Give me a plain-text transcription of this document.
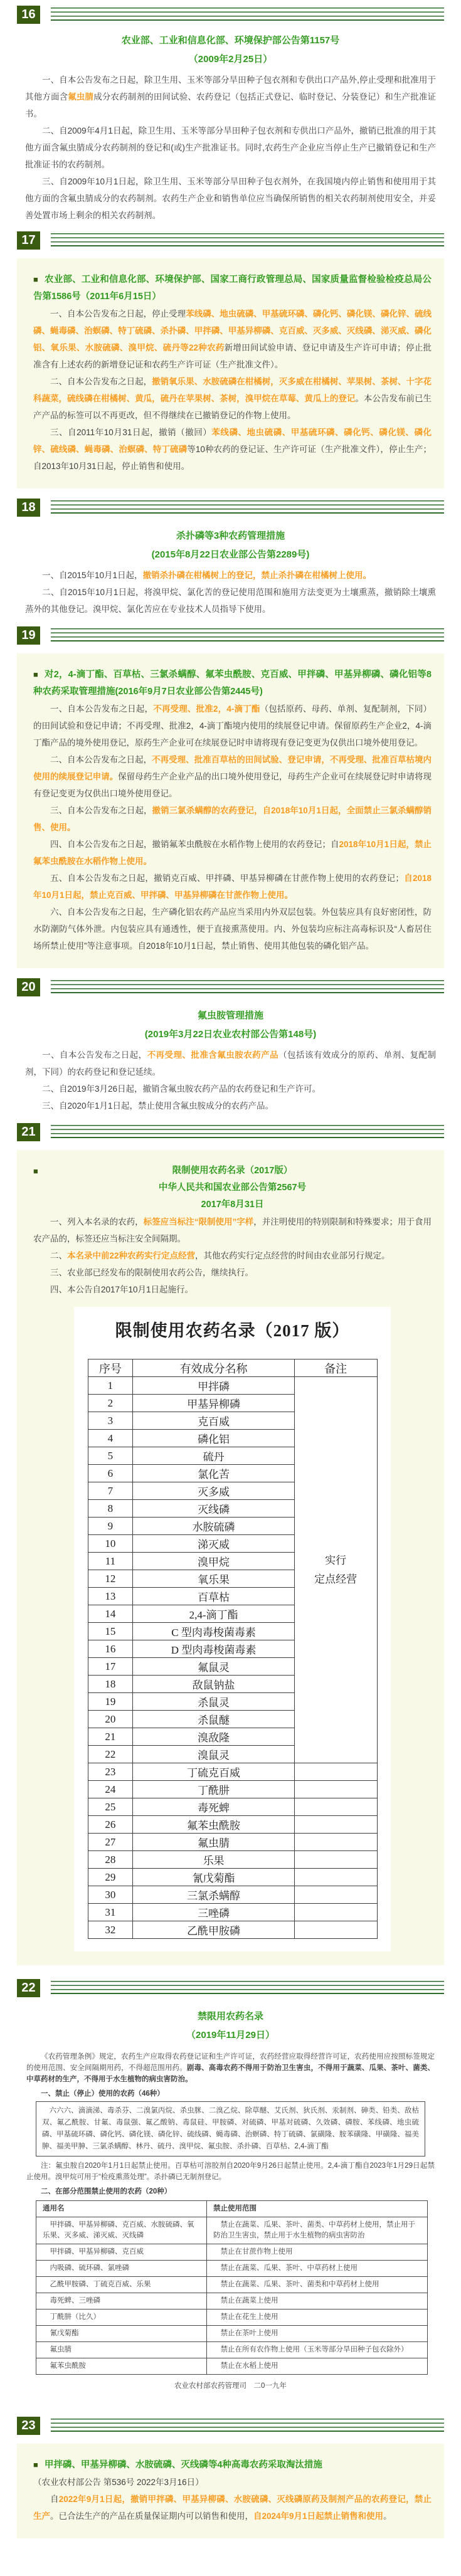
16
农业部、工业和信息化部、环境保护部公告第1157号
（2009年2月25日）

一、自本公告发布之日起，除卫生用、玉米等部分旱田种子包衣剂和专供出口产品外,停止受理和批准用于其他方面含氟虫腈成分农药制剂的田间试验、农药登记（包括正式登记、临时登记、分装登记）和生产批准证书。

二、自2009年4月1日起，除卫生用、玉米等部分旱田种子包衣剂和专供出口产品外，撤销已批准的用于其他方面含氟虫腈成分农药制剂的登记和(或)生产批准证书。同时,农药生产企业应当停止生产已撤销登记和生产批准证书的农药制剂。

三、自2009年10月1日起，除卫生用、玉米等部分旱田种子包衣剂外，在我国境内停止销售和使用用于其他方面的含氟虫腈成分的农药制剂。农药生产企业和销售单位应当确保所销售的相关农药制剂使用安全，并妥善处置市场上剩余的相关农药制剂。

17
■ 农业部、工业和信息化部、环境保护部、国家工商行政管理总局、国家质量监督检验检疫总局公告第1586号（2011年6月15日）

一、自本公告发布之日起，停止受理苯线磷、地虫硫磷、甲基硫环磷、磷化钙、磷化镁、磷化锌、硫线磷、蝇毒磷、治螟磷、特丁硫磷、杀扑磷、甲拌磷、甲基异柳磷、克百威、灭多威、灭线磷、涕灭威、磷化铝、氧乐果、水胺硫磷、溴甲烷、硫丹等22种农药新增田间试验申请、登记申请及生产许可申请；停止批准含有上述农药的新增登记证和农药生产许可证（生产批准文件）。

二、自本公告发布之日起，撤销氧乐果、水胺硫磷在柑橘树，灭多威在柑橘树、苹果树、茶树、十字花科蔬菜，硫线磷在柑橘树、黄瓜，硫丹在苹果树、茶树，溴甲烷在草莓、黄瓜上的登记。本公告发布前已生产产品的标签可以不再更改，但不得继续在已撤销登记的作物上使用。

三、自2011年10月31日起，撤销（撤回）苯线磷、地虫硫磷、甲基硫环磷、磷化钙、磷化镁、磷化锌、硫线磷、蝇毒磷、治螟磷、特丁硫磷等10种农药的登记证、生产许可证（生产批准文件），停止生产；自2013年10月31日起，停止销售和使用。

18
杀扑磷等3种农药管理措施
(2015年8月22日农业部公告第2289号)

一、自2015年10月1日起，撤销杀扑磷在柑橘树上的登记，禁止杀扑磷在柑橘树上使用。

二、自2015年10月1日起，将溴甲烷、氯化苦的登记使用范围和施用方法变更为土壤熏蒸，撤销除土壤熏蒸外的其他登记。溴甲烷、氯化苦应在专业技术人员指导下使用。

19
■ 对2，4-滴丁酯、百草枯、三氯杀螨醇、氟苯虫酰胺、克百威、甲拌磷、甲基异柳磷、磷化铝等8种农药采取管理措施(2016年9月7日农业部公告第2445号)

一、自本公告发布之日起，不再受理、批准2，4-滴丁酯（包括原药、母药、单剂、复配制剂，下同）的田间试验和登记申请；不再受理、批准2，4-滴丁酯境内使用的续展登记申请。保留原药生产企业2，4-滴丁酯产品的境外使用登记，原药生产企业可在续展登记时申请将现有登记变更为仅供出口境外使用登记。

二、自本公告发布之日起，不再受理、批准百草枯的田间试验、登记申请，不再受理、批准百草枯境内使用的续展登记申请。保留母药生产企业产品的出口境外使用登记，母药生产企业可在续展登记时申请将现有登记变更为仅供出口境外使用登记。

三、自本公告发布之日起，撤销三氯杀螨醇的农药登记，自2018年10月1日起，全面禁止三氯杀螨醇销售、使用。

四、自本公告发布之日起，撤销氟苯虫酰胺在水稻作物上使用的农药登记；自2018年10月1日起，禁止氟苯虫酰胺在水稻作物上使用。

五、自本公告发布之日起，撤销克百威、甲拌磷、甲基异柳磷在甘蔗作物上使用的农药登记；自2018年10月1日起，禁止克百威、甲拌磷、甲基异柳磷在甘蔗作物上使用。

六、自本公告发布之日起，生产磷化铝农药产品应当采用内外双层包装。外包装应具有良好密闭性，防水防潮防气体外泄。内包装应具有通透性，便于直接熏蒸使用。内、外包装均应标注高毒标识及“人畜居住场所禁止使用”等注意事项。自2018年10月1日起，禁止销售、使用其他包装的磷化铝产品。

20
氟虫胺管理措施
(2019年3月22日农业农村部公告第148号)

一、自本公告发布之日起，不再受理、批准含氟虫胺农药产品（包括该有效成分的原药、单剂、复配制剂，下同）的农药登记和登记延续。

二、自2019年3月26日起，撤销含氟虫胺农药产品的农药登记和生产许可。

三、自2020年1月1日起，禁止使用含氟虫胺成分的农药产品。

21
■	限制使用农药名录（2017版）
中华人民共和国农业部公告第2567号
2017年8月31日

一、列入本名录的农药，标签应当标注“限制使用”字样，并注明使用的特别限制和特殊要求；用于食用农产品的，标签还应当标注安全间隔期。

二、本名录中前22种农药实行定点经营，其他农药实行定点经营的时间由农业部另行规定。

三、农业部已经发布的限制使用农药公告，继续执行。

四、本公告自2017年10月1日起施行。

限制使用农药名录（2017 版）
序号	有效成分名称	备注
1	甲拌磷	实行
定点经营

2	甲基异柳磷	
3	克百威	
4	磷化铝	
5	硫丹	
6	氯化苦	
7	灭多威	
8	灭线磷	
9	水胺硫磷	
10	涕灭威	
11	溴甲烷	
12	氧乐果	
13	百草枯	
14	2,4-滴丁酯	
15	C 型肉毒梭菌毒素	
16	D 型肉毒梭菌毒素	
17	氟鼠灵	
18	敌鼠钠盐	
19	杀鼠灵	
20	杀鼠醚	
21	溴敌隆	
22	溴鼠灵	
23	丁硫克百威	
24	丁酰肼	
25	毒死蜱	
26	氟苯虫酰胺	
27	氟虫腈	
28	乐果	
29	氰戊菊酯	
30	三氯杀螨醇	
31	三唑磷	
32	乙酰甲胺磷	
22
禁限用农药名录
（2019年11月29日）

《农药管理条例》规定，农药生产应取得农药登记证和生产许可证，农药经营应取得经营许可证，农药使用应按照标签规定的使用范围、安全间隔期用药，不得超范围用药。剧毒、高毒农药不得用于防治卫生害虫，不得用于蔬菜、瓜果、茶叶、菌类、中草药材的生产，不得用于水生植物的病虫害防治。

一、禁止（停止）使用的农药（46种）
六六六、滴滴涕、毒杀芬、二溴氯丙烷、杀虫脒、二溴乙烷、除草醚、艾氏剂、狄氏剂、汞制剂、砷类、铅类、敌枯双、氟乙酰胺、甘氟、毒鼠强、氟乙酸钠、毒鼠硅、甲胺磷、对硫磷、甲基对硫磷、久效磷、磷胺、苯线磷、地虫硫磷、甲基硫环磷、磷化钙、磷化镁、磷化锌、硫线磷、蝇毒磷、治螟磷、特丁硫磷、氯磺隆、胺苯磺隆、甲磺隆、福美胂、福美甲胂、三氯杀螨醇、林丹、硫丹、溴甲烷、氟虫胺、杀扑磷、百草枯、2,4-滴丁酯

注：氟虫胺自2020年1月1日起禁止使用。百草枯可溶胶剂自2020年9月26日起禁止使用。2,4-滴丁酯自2023年1月29日起禁止使用。溴甲烷可用于“检疫熏蒸处理”。杀扑磷已无制剂登记。

二、在部分范围禁止使用的农药（20种）
通用名	禁止使用范围
甲拌磷、甲基异柳磷、克百威、水胺硫磷、氧乐果、灭多威、涕灭威、灭线磷	禁止在蔬菜、瓜果、茶叶、菌类、中草药材上使用，禁止用于防治卫生害虫，禁止用于水生植物的病虫害防治
甲拌磷、甲基异柳磷、克百威	禁止在甘蔗作物上使用
内吸磷、硫环磷、氯唑磷	禁止在蔬菜、瓜果、茶叶、中草药材上使用
乙酰甲胺磷、丁硫克百威、乐果	禁止在蔬菜、瓜果、茶叶、菌类和中草药材上使用
毒死蜱、三唑磷	禁止在蔬菜上使用
丁酰肼（比久）	禁止在花生上使用
氰戊菊酯	禁止在茶叶上使用
氟虫腈	禁止在所有农作物上使用（玉米等部分旱田种子包衣除外）
氟苯虫酰胺	禁止在水稻上使用
农业农村部农药管理司　二0一九年
23
■ 甲拌磷、甲基异柳磷、水胺硫磷、灭线磷等4种高毒农药采取淘汰措施
（农业农村部公告 第536号 2022年3月16日）

自2022年9月1日起，撤销甲拌磷、甲基异柳磷、水胺硫磷、灭线磷原药及制剂产品的农药登记，禁止生产。已合法生产的产品在质量保证期内可以销售和使用，自2024年9月1日起禁止销售和使用。
